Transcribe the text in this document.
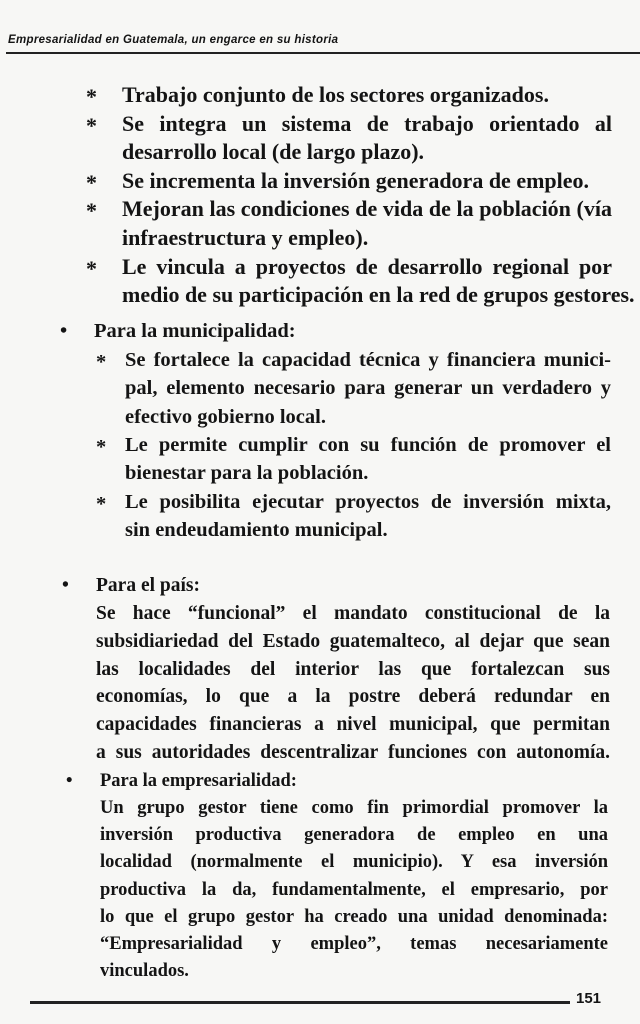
Empresarialidad en Guatemala, un engarce en su historia
* Trabajo conjunto de los sectores organizados.
* Se integra un sistema de trabajo orientado al
desarrollo local (de largo plazo).
* Se incrementa la inversión generadora de empleo.
* Mejoran las condiciones de vida de la población (vía
infraestructura y empleo).
* Le vincula a proyectos de desarrollo regional por
medio de su participación en la red de grupos gestores.
• Para la municipalidad:
* Se fortalece la capacidad técnica y financiera munici-
pal, elemento necesario para generar un verdadero y
efectivo gobierno local.
* Le permite cumplir con su función de promover el
bienestar para la población.
* Le posibilita ejecutar proyectos de inversión mixta,
sin endeudamiento municipal.
• Para el país:
Se hace “funcional” el mandato constitucional de la
subsidiariedad del Estado guatemalteco, al dejar que sean
las localidades del interior las que fortalezcan sus
economías, lo que a la postre deberá redundar en
capacidades financieras a nivel municipal, que permitan
a sus autoridades descentralizar funciones con autonomía.
• Para la empresarialidad:
Un grupo gestor tiene como fin primordial promover la
inversión productiva generadora de empleo en una
localidad (normalmente el municipio). Y esa inversión
productiva la da, fundamentalmente, el empresario, por
lo que el grupo gestor ha creado una unidad denominada:
“Empresarialidad y empleo”, temas necesariamente
vinculados.
151
